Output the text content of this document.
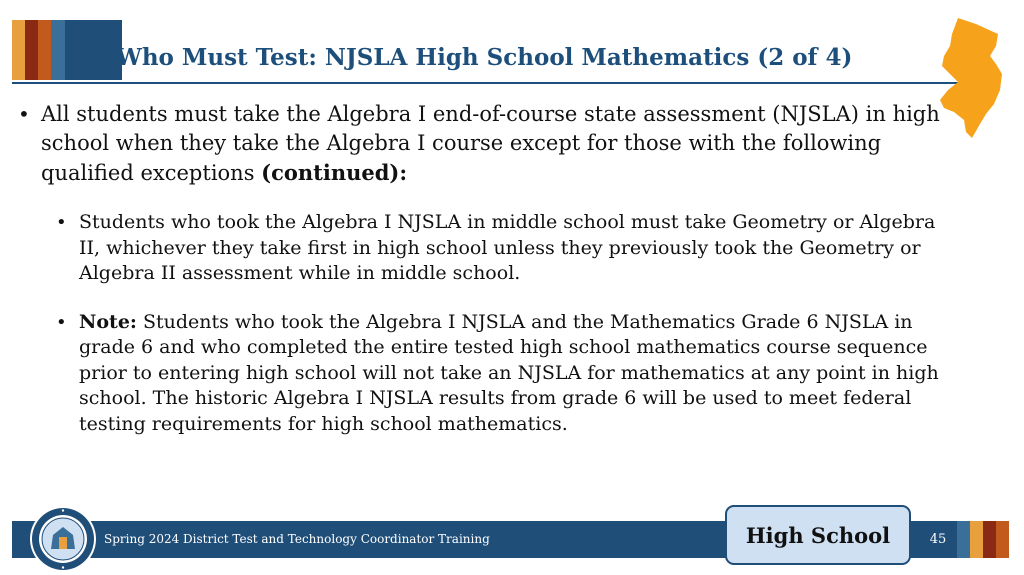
Who Must Test: NJSLA High School Mathematics (2 of 4)
• All students must take the Algebra I end-of-course state assessment (NJSLA) in high school when they take the Algebra I course except for those with the following qualified exceptions (continued):
• Students who took the Algebra I NJSLA in middle school must take Geometry or Algebra II, whichever they take first in high school unless they previously took the Geometry or Algebra II assessment while in middle school.
• Note: Students who took the Algebra I NJSLA and the Mathematics Grade 6 NJSLA in grade 6 and who completed the entire tested high school mathematics course sequence prior to entering high school will not take an NJSLA for mathematics at any point in high school. The historic Algebra I NJSLA results from grade 6 will be used to meet federal testing requirements for high school mathematics.
Spring 2024 District Test and Technology Coordinator Training	High School	45
